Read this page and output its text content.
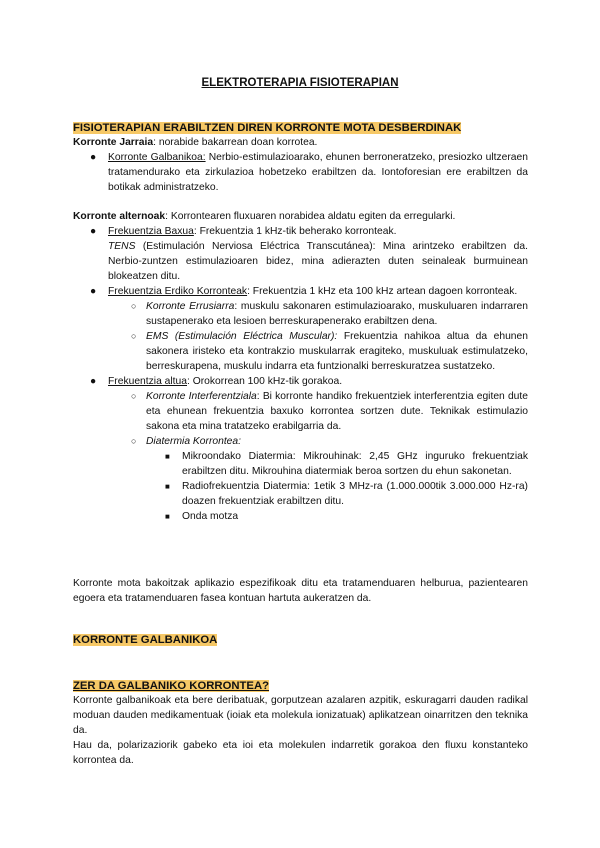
ELEKTROTERAPIA FISIOTERAPIAN
FISIOTERAPIAN ERABILTZEN DIREN KORRONTE MOTA DESBERDINAK

Korronte Jarraia: norabide bakarrean doan korrotea.

● Korronte Galbanikoa: Nerbio-estimulazioarako, ehunen berroneratzeko, presiozko ultzeraen tratamendurako eta zirkulazioa hobetzeko erabiltzen da. Iontoforesian ere erabiltzen da botikak administratzeko.

Korronte alternoak: Korrontearen fluxuaren norabidea aldatu egiten da erregularki.

● Frekuentzia Baxua: Frekuentzia 1 kHz-tik beherako korronteak.
TENS (Estimulación Nerviosa Eléctrica Transcutánea): Mina arintzeko erabiltzen da. Nerbio-zuntzen estimulazioaren bidez, mina adierazten duten seinaleak burmuinean blokeatzen ditu.
● Frekuentzia Erdiko Korronteak: Frekuentzia 1 kHz eta 100 kHz artean dagoen korronteak.
○ Korronte Errusiarra: muskulu sakonaren estimulazioarako, muskuluaren indarraren sustapenerako eta lesioen berreskurapenerako erabiltzen dena.
○ EMS (Estimulación Eléctrica Muscular): Frekuentzia nahikoa altua da ehunen sakonera iristeko eta kontrakzio muskularrak eragiteko, muskuluak estimulatzeko, berreskurapena, muskulu indarra eta funtzionalki berreskuratzea sustatzeko.
● Frekuentzia altua: Orokorrean 100 kHz-tik gorakoa.
○ Korronte Interferentziala: Bi korronte handiko frekuentziek interferentzia egiten dute eta ehunean frekuentzia baxuko korrontea sortzen dute. Teknikak estimulazio sakona eta mina tratatzeko erabilgarria da.
○ Diatermia Korrontea:
■ Mikroondako Diatermia: Mikrouhinak: 2,45 GHz inguruko frekuentziak erabiltzen ditu. Mikrouhina diatermiak beroa sortzen du ehun sakonetan.
■ Radiofrekuentzia Diatermia: 1etik 3 MHz-ra (1.000.000tik 3.000.000 Hz-ra) doazen frekuentziak erabiltzen ditu.
■ Onda motza
Korronte mota bakoitzak aplikazio espezifikoak ditu eta tratamenduaren helburua, pazientearen egoera eta tratamenduaren fasea kontuan hartuta aukeratzen da.
KORRONTE GALBANIKOA
ZER DA GALBANIKO KORRONTEA?

Korronte galbanikoak eta bere deribatuak, gorputzean azalaren azpitik, eskuragarri dauden radikal moduan dauden medikamentuak (ioiak eta molekula ionizatuak) aplikatzean oinarritzen den teknika da.

Hau da, polarizaziorik gabeko eta ioi eta molekulen indarretik gorakoa den fluxu konstanteko korrontea da.
